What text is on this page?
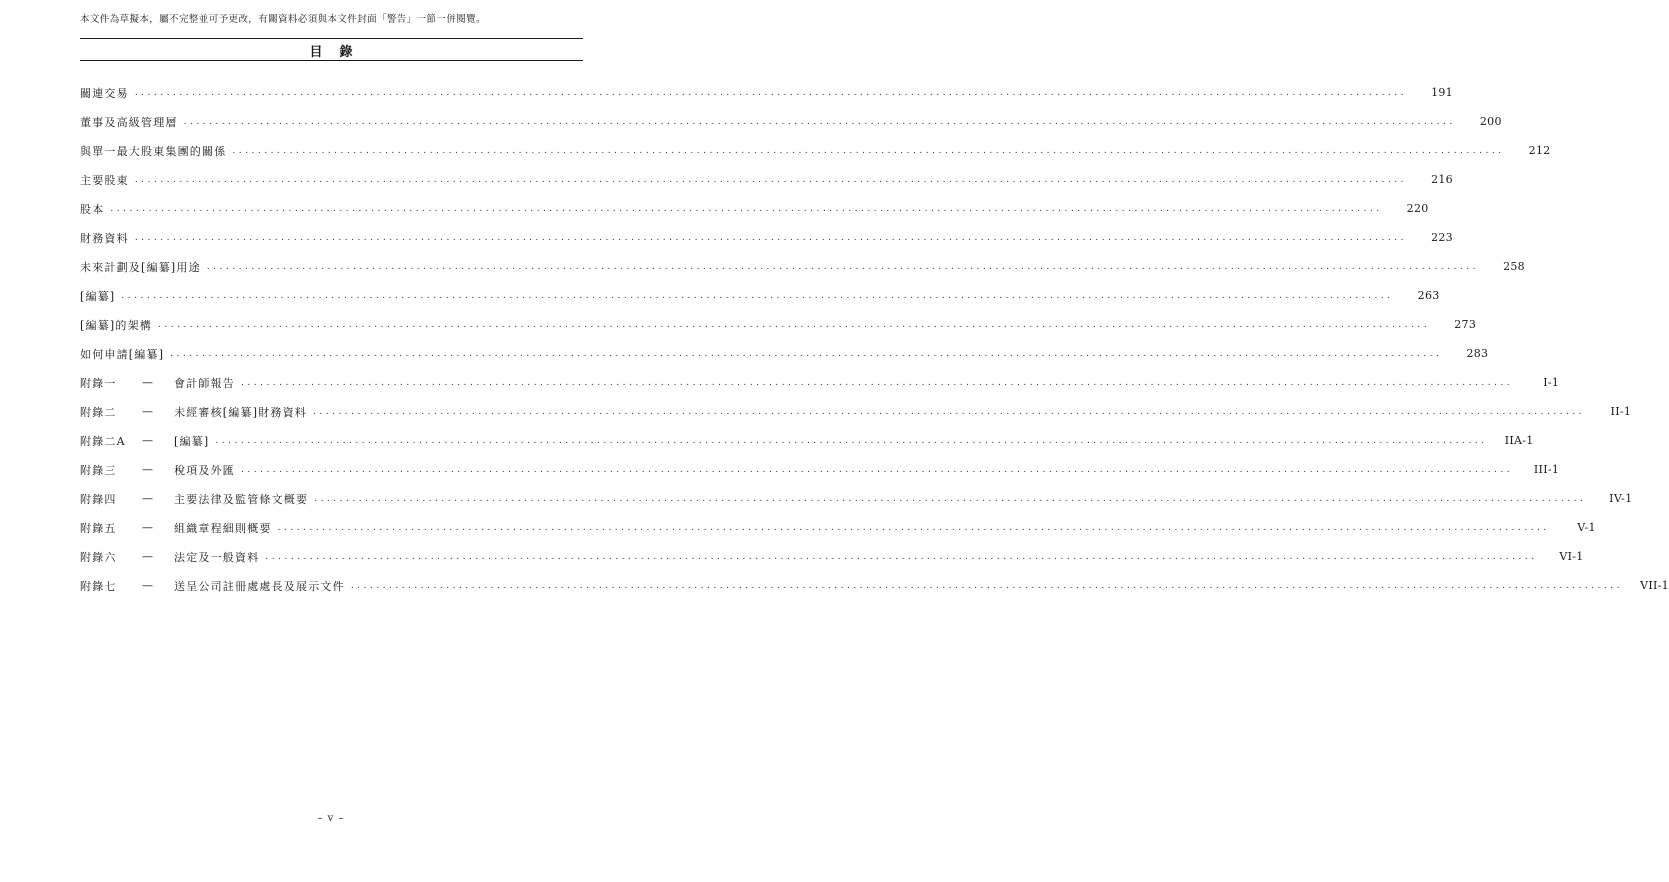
本文件為草擬本，屬不完整並可予更改，有關資料必須與本文件封面「警告」一節一併閱覽。
目 錄
關連交易 ........................................................................................................................................................................................................	191
董事及高級管理層 ........................................................................................................................................................................................................	200
與單一最大股東集團的關係 ........................................................................................................................................................................................................	212
主要股東 ........................................................................................................................................................................................................	216
股本 ........................................................................................................................................................................................................	220
財務資料 ........................................................................................................................................................................................................	223
未來計劃及[編纂]用途 ........................................................................................................................................................................................................	258
[編纂] ........................................................................................................................................................................................................	263
[編纂]的架構 ........................................................................................................................................................................................................	273
如何申請[編纂] ........................................................................................................................................................................................................	283
附錄一	—	會計師報告 ........................................................................................................................................................................................................	I-1
附錄二	—	未經審核[編纂]財務資料 ........................................................................................................................................................................................................	II-1
附錄二A	—	[編纂] ........................................................................................................................................................................................................	IIA-1
附錄三	—	稅項及外匯 ........................................................................................................................................................................................................	III-1
附錄四	—	主要法律及監管條文概要 ........................................................................................................................................................................................................	IV-1
附錄五	—	組織章程細則概要 ........................................................................................................................................................................................................	V-1
附錄六	—	法定及一般資料 ........................................................................................................................................................................................................	VI-1
附錄七	—	送呈公司註冊處處長及展示文件 ........................................................................................................................................................................................................	VII-1
– v –
